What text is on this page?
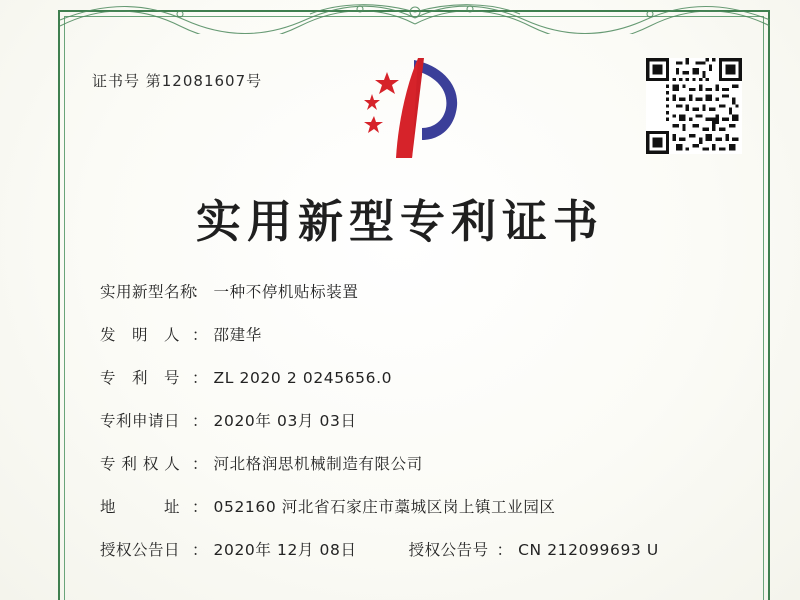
证书号 第12081607号
实用新型专利证书
实用新型名称
： 一种不停机贴标装置
发　明　人 ： 邵建华
专　利　号 ： ZL 2020 2 0245656.0
专利申请日 ： 2020年 03月 03日
专 利 权 人 ： 河北格润思机械制造有限公司
地　　　址 ： 052160 河北省石家庄市藁城区岗上镇工业园区
授权公告日 ： 2020年 12月 08日	授权公告号 ： CN 212099693 U
